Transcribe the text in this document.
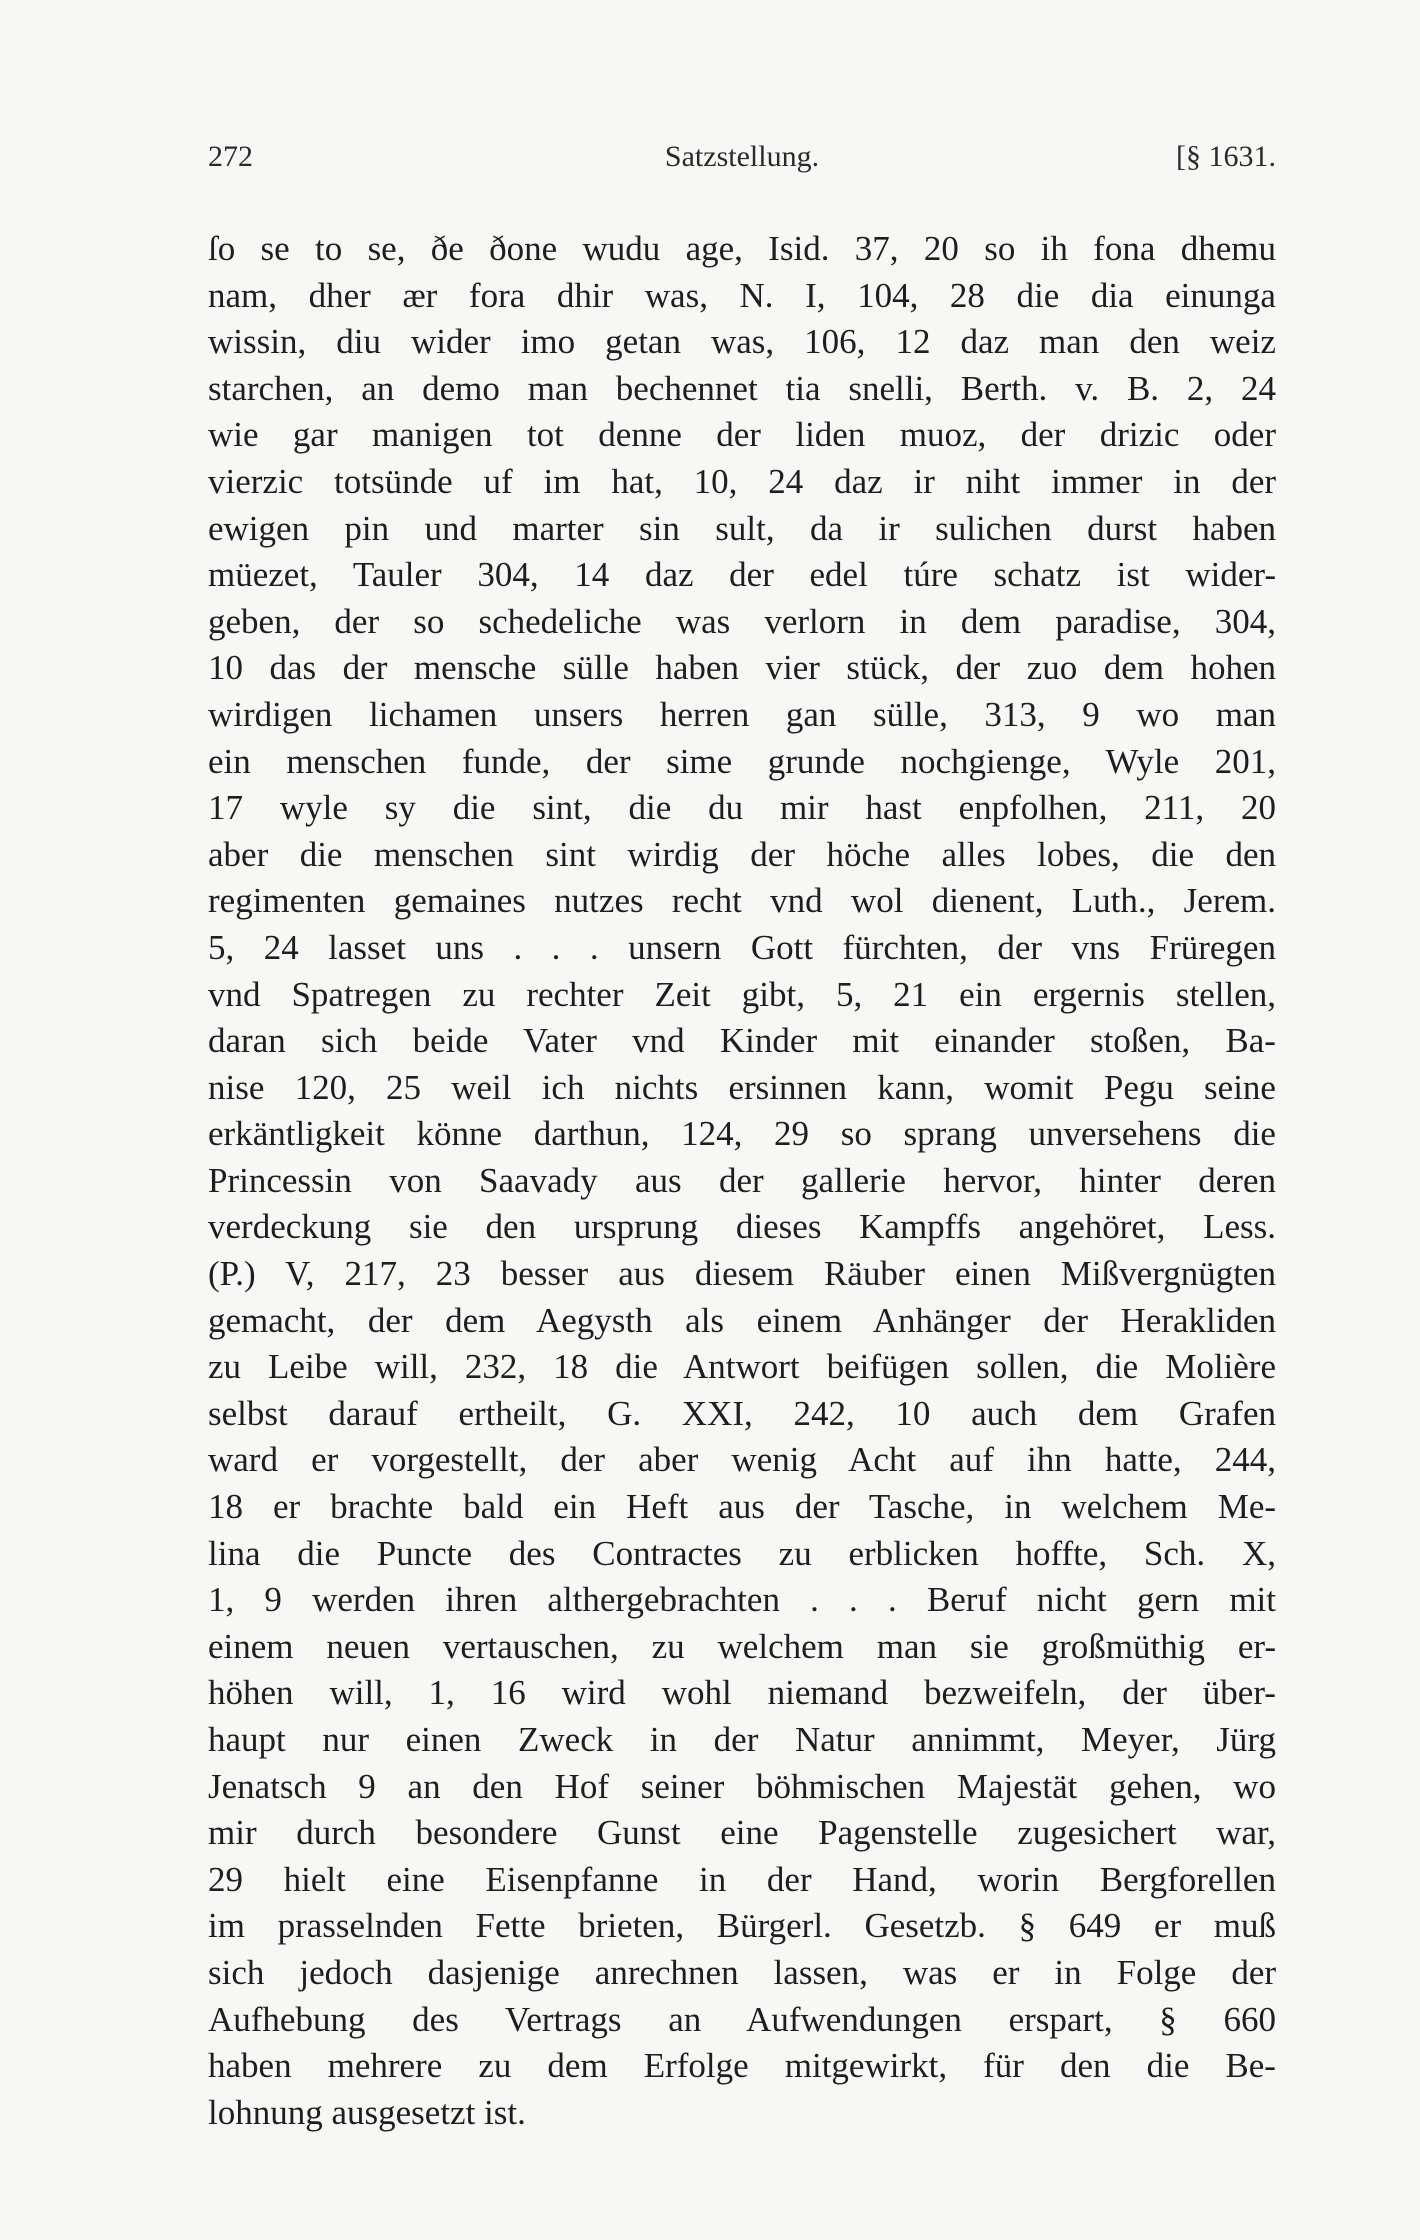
272	Satzstellung.	[§ 1631.
ſo se to se, ðe ðone wudu age, Isid. 37, 20 so ih fona dhemu
nam, dher ær fora dhir was, N. I, 104, 28 die dia einunga
wissin, diu wider imo getan was, 106, 12 daz man den weiz
starchen, an demo man bechennet tia snelli, Berth. v. B. 2, 24
wie gar manigen tot denne der liden muoz, der drizic oder
vierzic totsünde uf im hat, 10, 24 daz ir niht immer in der
ewigen pin und marter sin sult, da ir sulichen durst haben
müezet, Tauler 304, 14 daz der edel túre schatz ist wider-
geben, der so schedeliche was verlorn in dem paradise, 304,
10 das der mensche sülle haben vier stück, der zuo dem hohen
wirdigen lichamen unsers herren gan sülle, 313, 9 wo man
ein menschen funde, der sime grunde nochgienge, Wyle 201,
17 wyle sy die sint, die du mir hast enpfolhen, 211, 20
aber die menschen sint wirdig der höche alles lobes, die den
regimenten gemaines nutzes recht vnd wol dienent, Luth., Jerem.
5, 24 lasset uns . . . unsern Gott fürchten, der vns Früregen
vnd Spatregen zu rechter Zeit gibt, 5, 21 ein ergernis stellen,
daran sich beide Vater vnd Kinder mit einander stoßen, Ba-
nise 120, 25 weil ich nichts ersinnen kann, womit Pegu seine
erkäntligkeit könne darthun, 124, 29 so sprang unversehens die
Princessin von Saavady aus der gallerie hervor, hinter deren
verdeckung sie den ursprung dieses Kampffs angehöret, Less.
(P.) V, 217, 23 besser aus diesem Räuber einen Mißvergnügten
gemacht, der dem Aegysth als einem Anhänger der Herakliden
zu Leibe will, 232, 18 die Antwort beifügen sollen, die Molière
selbst darauf ertheilt, G. XXI, 242, 10 auch dem Grafen
ward er vorgestellt, der aber wenig Acht auf ihn hatte, 244,
18 er brachte bald ein Heft aus der Tasche, in welchem Me-
lina die Puncte des Contractes zu erblicken hoffte, Sch. X,
1, 9 werden ihren althergebrachten . . . Beruf nicht gern mit
einem neuen vertauschen, zu welchem man sie großmüthig er-
höhen will, 1, 16 wird wohl niemand bezweifeln, der über-
haupt nur einen Zweck in der Natur annimmt, Meyer, Jürg
Jenatsch 9 an den Hof seiner böhmischen Majestät gehen, wo
mir durch besondere Gunst eine Pagenstelle zugesichert war,
29 hielt eine Eisenpfanne in der Hand, worin Bergforellen
im prasselnden Fette brieten, Bürgerl. Gesetzb. § 649 er muß
sich jedoch dasjenige anrechnen lassen, was er in Folge der
Aufhebung des Vertrags an Aufwendungen erspart, § 660
haben mehrere zu dem Erfolge mitgewirkt, für den die Be-
lohnung ausgesetzt ist.
